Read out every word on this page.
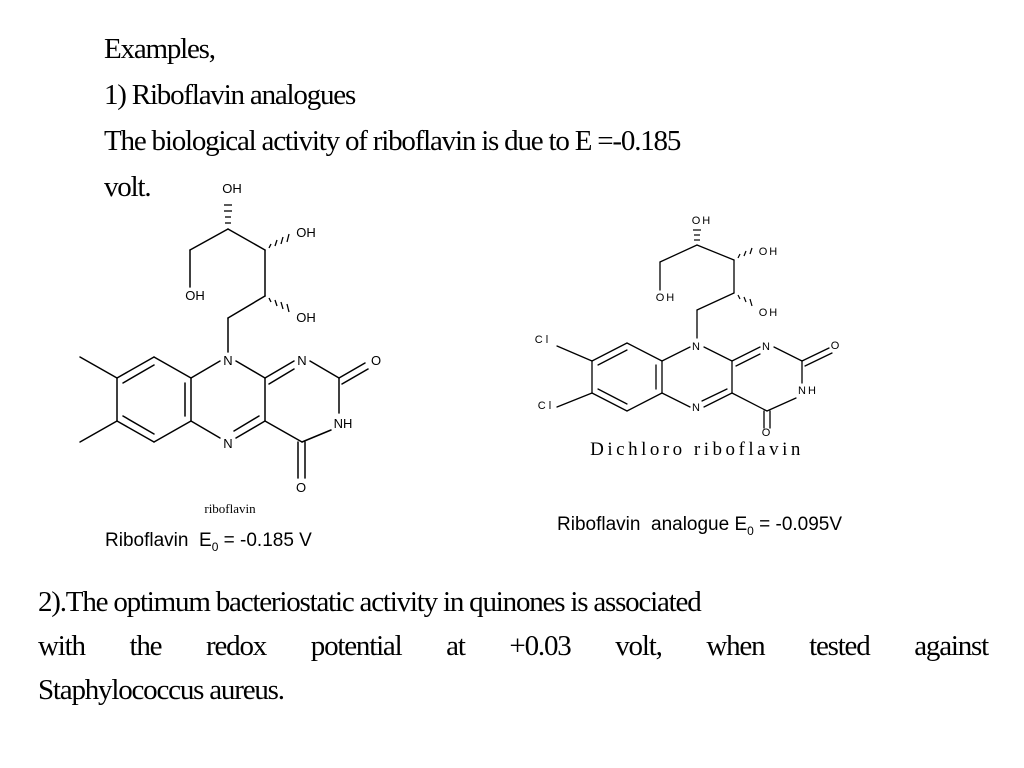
Examples,
1) Riboflavin analogues
The biological activity of riboflavin is due to E =-0.185
volt.	OH
OH
OH
OH
N	N
N
NH
O
O
riboflavin
OH
OH
OH
OH
N	N
N
NH
O
O
Cl
Cl
Dichloro riboflavin
Riboflavin $E_0 = -0.185$ V
Riboflavin analogue $E_0 = -0.095V$
2).The optimum bacteriostatic activity in quinones is associated
with the redox potential at +0.03 volt, when tested against
Staphylococcus aureus.
